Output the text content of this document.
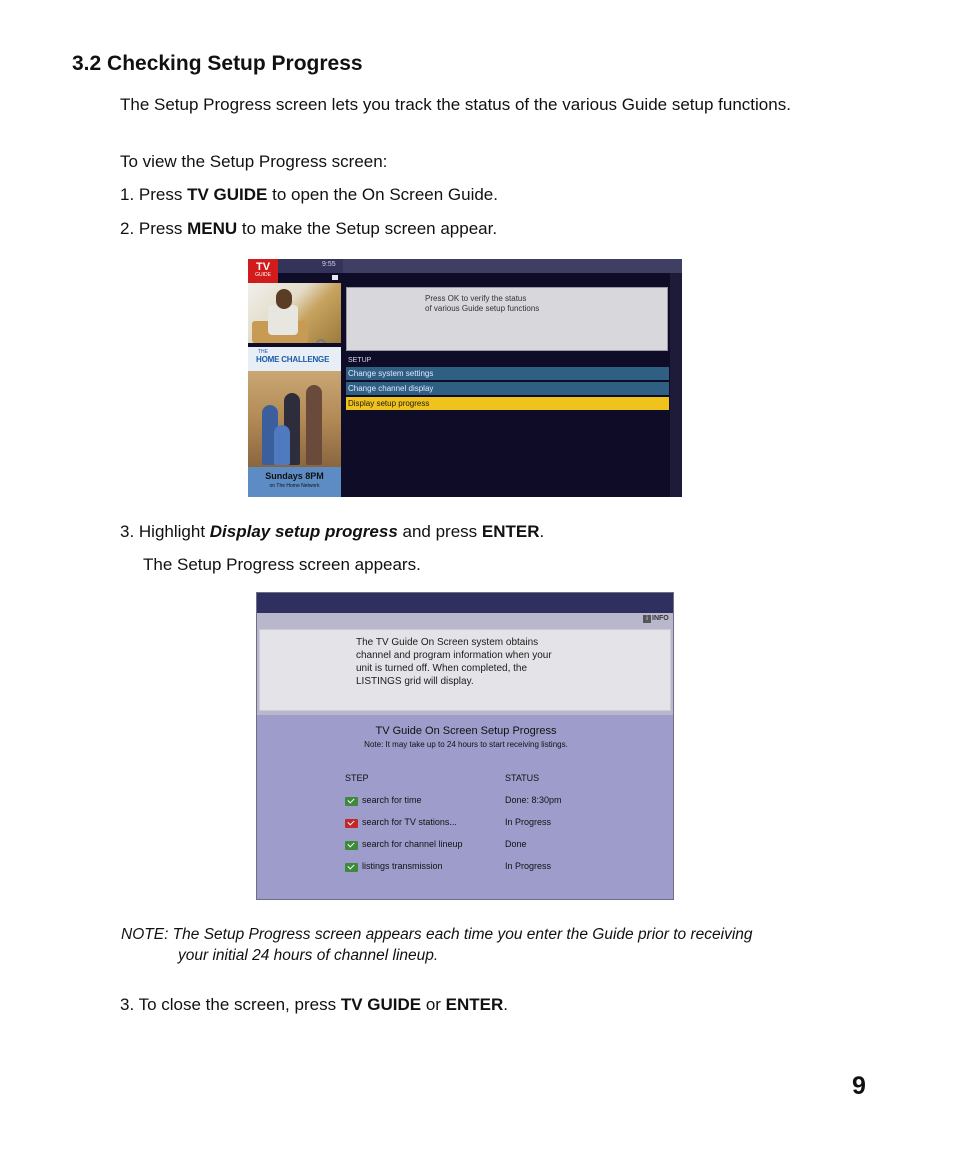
3.2 Checking Setup Progress
The Setup Progress screen lets you track the status of the various Guide setup functions.
To view the Setup Progress screen:
1. Press TV GUIDE to open the On Screen Guide.
2. Press MENU to make the Setup screen appear.
TV
GUIDE
9:55
THE
HOME CHALLENGE
Sundays 8PM
on The Home Network
Press OK to verify the status
of various Guide setup functions
SETUP
Change system settings
Change channel display
Display setup progress
3. Highlight Display setup progress and press ENTER.
The Setup Progress screen appears.
i INFO
The TV Guide On Screen system obtains
channel and program information when your
unit is turned off. When completed, the
LISTINGS grid will display.
TV Guide On Screen Setup Progress
Note: It may take up to 24 hours to start receiving listings.
STEP	STATUS
search for time	Done: 8:30pm
search for TV stations...	In Progress
search for channel lineup	Done
listings transmission	In Progress
NOTE: The Setup Progress screen appears each time you enter the Guide prior to receiving
your initial 24 hours of channel lineup.
3. To close the screen, press TV GUIDE or ENTER.
9
